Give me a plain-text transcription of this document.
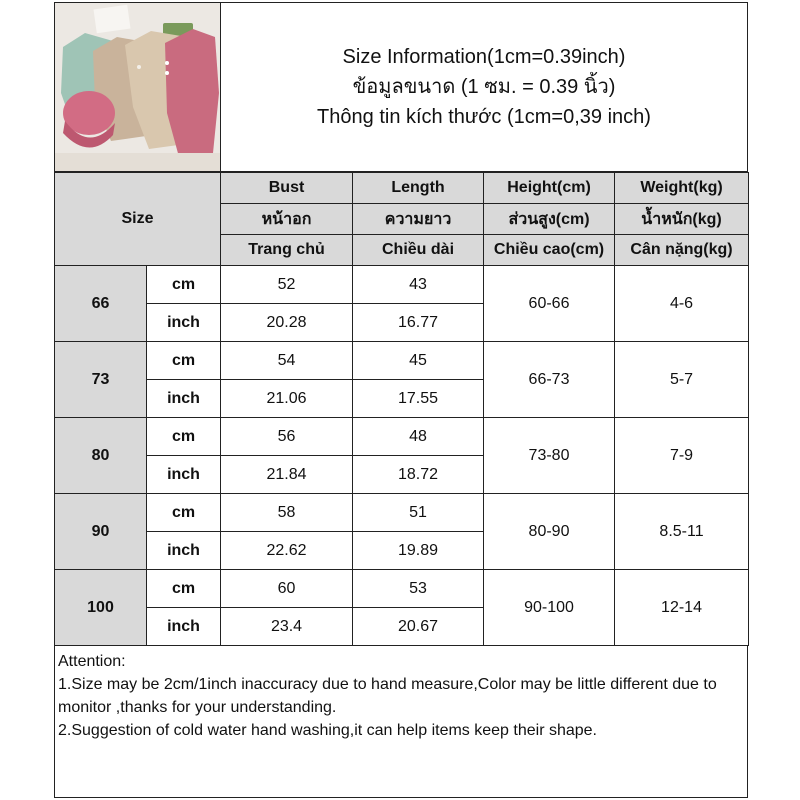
Size Information(1cm=0.39inch)
ข้อมูลขนาด (1 ซม. = 0.39 นิ้ว)
Thông tin kích thước (1cm=0,39 inch)
Size		Bust	Length	Height(cm)	Weight(kg)
		หน้าอก	ความยาว	ส่วนสูง(cm)	น้ำหนัก(kg)
		Trang chủ	Chiều dài	Chiều cao(cm)	Cân nặng(kg)
66	cm	52	43	60-66	4-6
	inch	20.28	16.77		
73	cm	54	45	66-73	5-7
	inch	21.06	17.55		
80	cm	56	48	73-80	7-9
	inch	21.84	18.72		
90	cm	58	51	80-90	8.5-11
	inch	22.62	19.89		
100	cm	60	53	90-100	12-14
	inch	23.4	20.67		

Attention:

1.Size may be 2cm/1inch inaccuracy due to hand measure,Color may be little different due to monitor ,thanks for your understanding.

2.Suggestion of cold water hand washing,it can help items keep their shape.
